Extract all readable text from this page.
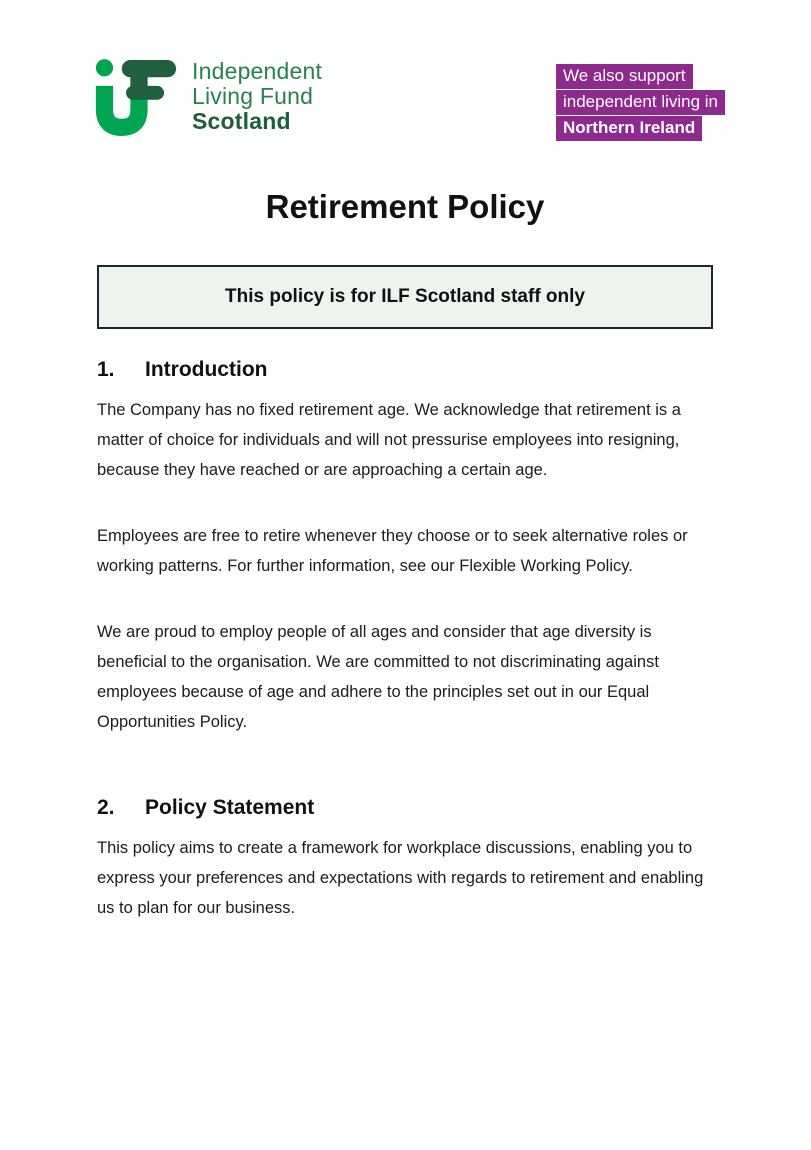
Independent
Living Fund
Scotland
We also support
independent living in
Northern Ireland
Retirement Policy
This policy is for ILF Scotland staff only
1. Introduction

The Company has no fixed retirement age. We acknowledge that retirement is a matter of choice for individuals and will not pressurise employees into resigning, because they have reached or are approaching a certain age.

Employees are free to retire whenever they choose or to seek alternative roles or working patterns. For further information, see our Flexible Working Policy.

We are proud to employ people of all ages and consider that age diversity is beneficial to the organisation. We are committed to not discriminating against employees because of age and adhere to the principles set out in our Equal Opportunities Policy.

2. Policy Statement

This policy aims to create a framework for workplace discussions, enabling you to express your preferences and expectations with regards to retirement and enabling us to plan for our business.
